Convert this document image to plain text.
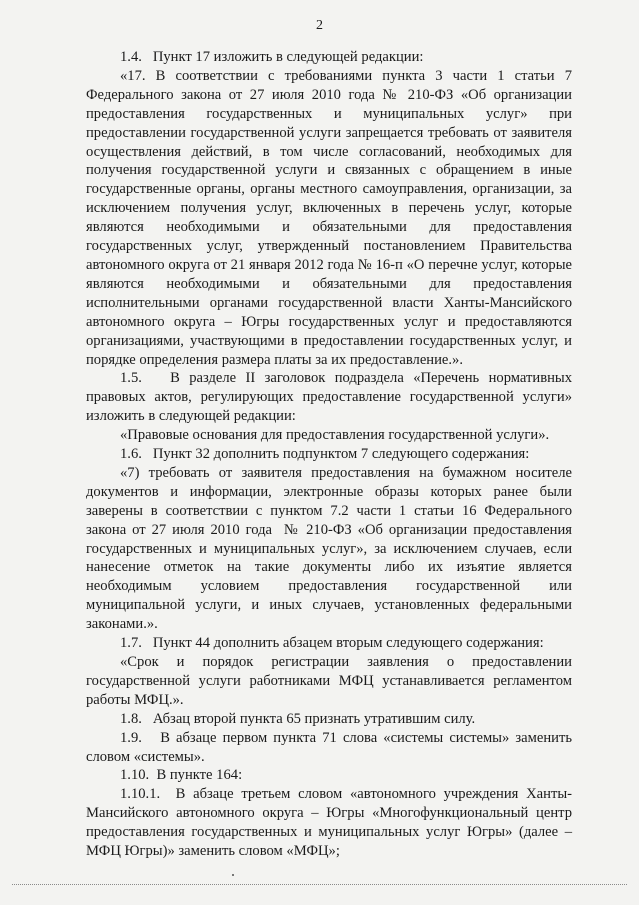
2

1.4.   Пункт 17 изложить в следующей редакции:

«17. В соответствии с требованиями пункта 3 части 1 статьи 7 Федерального закона от 27 июля 2010 года № 210-ФЗ «Об организации предоставления государственных и муниципальных услуг» при предоставлении государственной услуги запрещается требовать от заявителя осуществления действий, в том числе согласований, необходимых для получения государственной услуги и связанных с обращением в иные государственные органы, органы местного самоуправления, организации, за исключением получения услуг, включенных в перечень услуг, которые являются необходимыми и обязательными для предоставления государственных услуг, утвержденный постановлением Правительства автономного округа от 21 января 2012 года № 16-п «О перечне услуг, которые являются необходимыми и обязательными для предоставления исполнительными органами государственной власти Ханты-Мансийского автономного округа – Югры государственных услуг и предоставляются организациями, участвующими в предоставлении государственных услуг, и порядке определения размера платы за их предоставление.».

1.5.   В разделе II заголовок подраздела «Перечень нормативных правовых актов, регулирующих предоставление государственной услуги» изложить в следующей редакции:

«Правовые основания для предоставления государственной услуги».

1.6.   Пункт 32 дополнить подпунктом 7 следующего содержания:

«7) требовать от заявителя предоставления на бумажном носителе документов и информации, электронные образы которых ранее были заверены в соответствии с пунктом 7.2 части 1 статьи 16 Федерального закона от 27 июля 2010 года  № 210-ФЗ «Об организации предоставления государственных и муниципальных услуг», за исключением случаев, если нанесение отметок на такие документы либо их изъятие является необходимым условием предоставления государственной или муниципальной услуги, и иных случаев, установленных федеральными законами.».

1.7.   Пункт 44 дополнить абзацем вторым следующего содержания:

«Срок и порядок регистрации заявления о предоставлении государственной услуги работниками МФЦ устанавливается регламентом работы МФЦ.».

1.8.   Абзац второй пункта 65 признать утратившим силу.

1.9.   В абзаце первом пункта 71 слова «системы системы» заменить словом «системы».

1.10.  В пункте 164:

1.10.1.  В абзаце третьем словом «автономного учреждения Ханты-Мансийского автономного округа – Югры «Многофункциональный центр предоставления государственных и муниципальных услуг Югры» (далее – МФЦ Югры)» заменить словом «МФЦ»;
